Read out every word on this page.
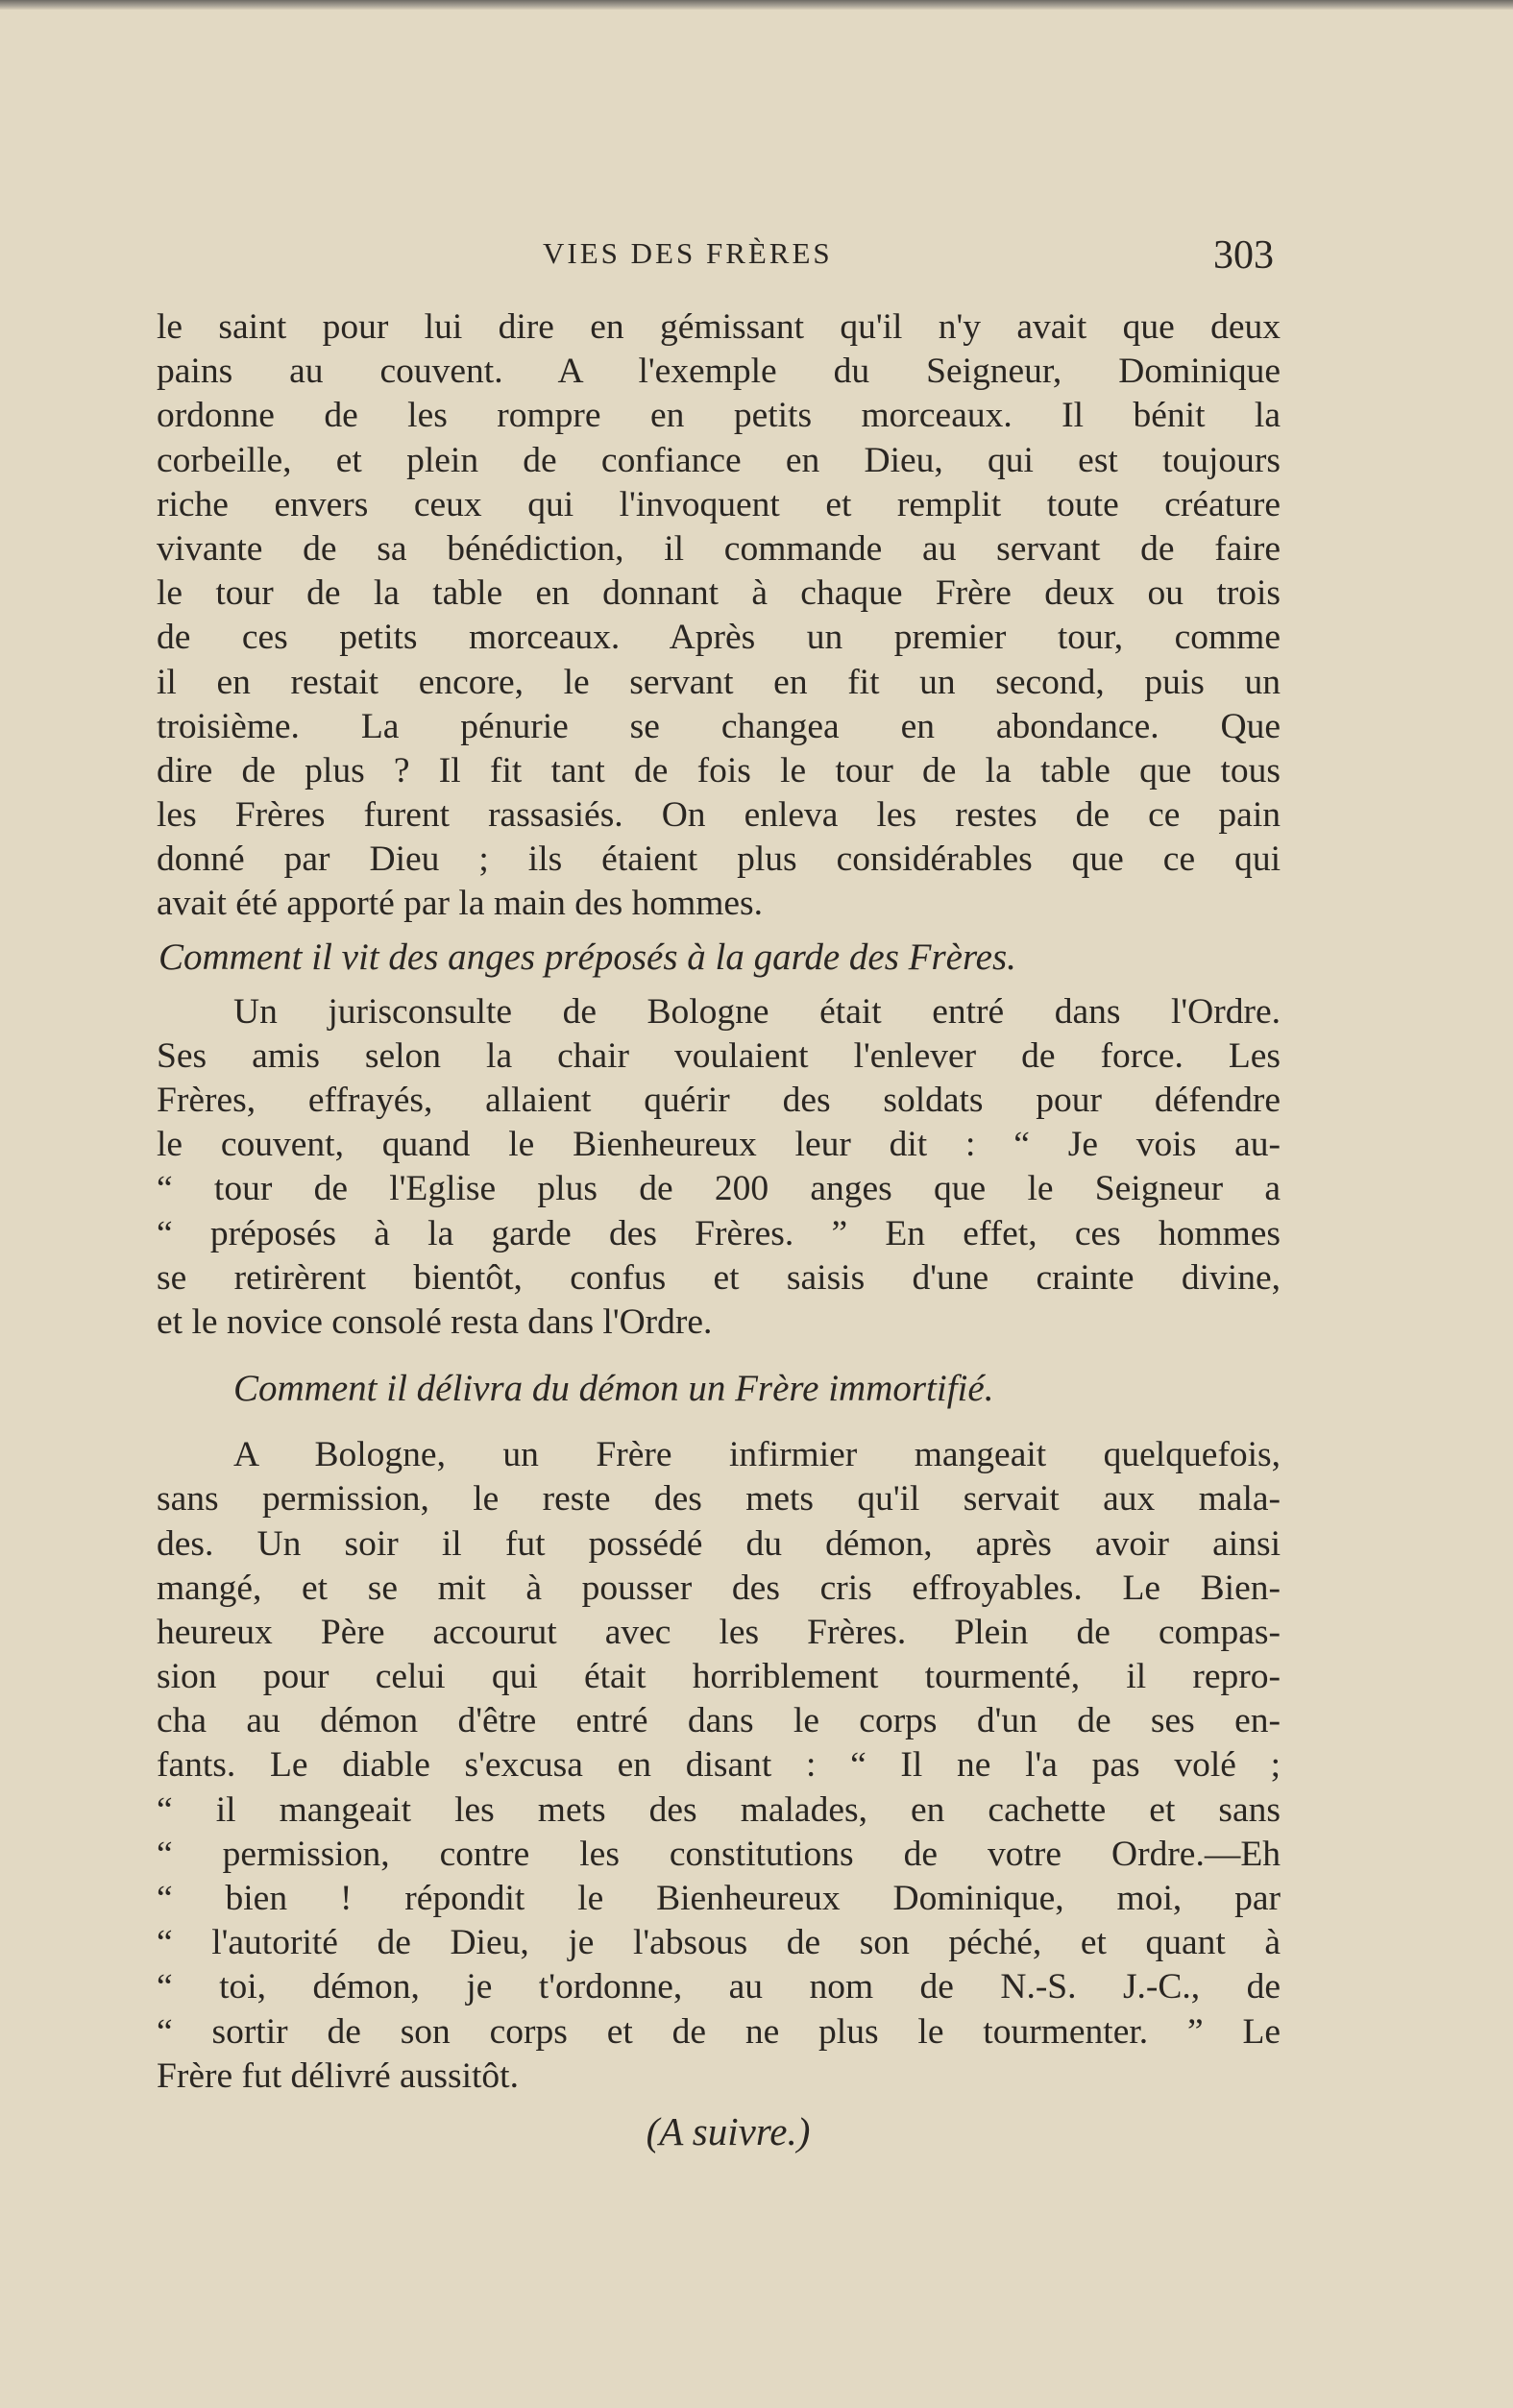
VIES DES FRÈRES	303
le saint pour lui dire en gémissant qu'il n'y avait que deux
pains au couvent. A l'exemple du Seigneur, Dominique
ordonne de les rompre en petits morceaux. Il bénit la
corbeille, et plein de confiance en Dieu, qui est toujours
riche envers ceux qui l'invoquent et remplit toute créature
vivante de sa bénédiction, il commande au servant de faire
le tour de la table en donnant à chaque Frère deux ou trois
de ces petits morceaux. Après un premier tour, comme
il en restait encore, le servant en fit un second, puis un
troisième. La pénurie se changea en abondance. Que
dire de plus ? Il fit tant de fois le tour de la table que tous
les Frères furent rassasiés. On enleva les restes de ce pain
donné par Dieu ; ils étaient plus considérables que ce qui
avait été apporté par la main des hommes.
Comment il vit des anges préposés à la garde des Frères.
Un jurisconsulte de Bologne était entré dans l'Ordre.
Ses amis selon la chair voulaient l'enlever de force. Les
Frères, effrayés, allaient quérir des soldats pour défendre
le couvent, quand le Bienheureux leur dit : “ Je vois au-
“ tour de l'Eglise plus de 200 anges que le Seigneur a
“ préposés à la garde des Frères. ” En effet, ces hommes
se retirèrent bientôt, confus et saisis d'une crainte divine,
et le novice consolé resta dans l'Ordre.
Comment il délivra du démon un Frère immortifié.
A Bologne, un Frère infirmier mangeait quelquefois,
sans permission, le reste des mets qu'il servait aux mala-
des. Un soir il fut possédé du démon, après avoir ainsi
mangé, et se mit à pousser des cris effroyables. Le Bien-
heureux Père accourut avec les Frères. Plein de compas-
sion pour celui qui était horriblement tourmenté, il repro-
cha au démon d'être entré dans le corps d'un de ses en-
fants. Le diable s'excusa en disant : “ Il ne l'a pas volé ;
“ il mangeait les mets des malades, en cachette et sans
“ permission, contre les constitutions de votre Ordre.—Eh
“ bien ! répondit le Bienheureux Dominique, moi, par
“ l'autorité de Dieu, je l'absous de son péché, et quant à
“ toi, démon, je t'ordonne, au nom de N.-S. J.-C., de
“ sortir de son corps et de ne plus le tourmenter. ” Le
Frère fut délivré aussitôt.
(A suivre.)
